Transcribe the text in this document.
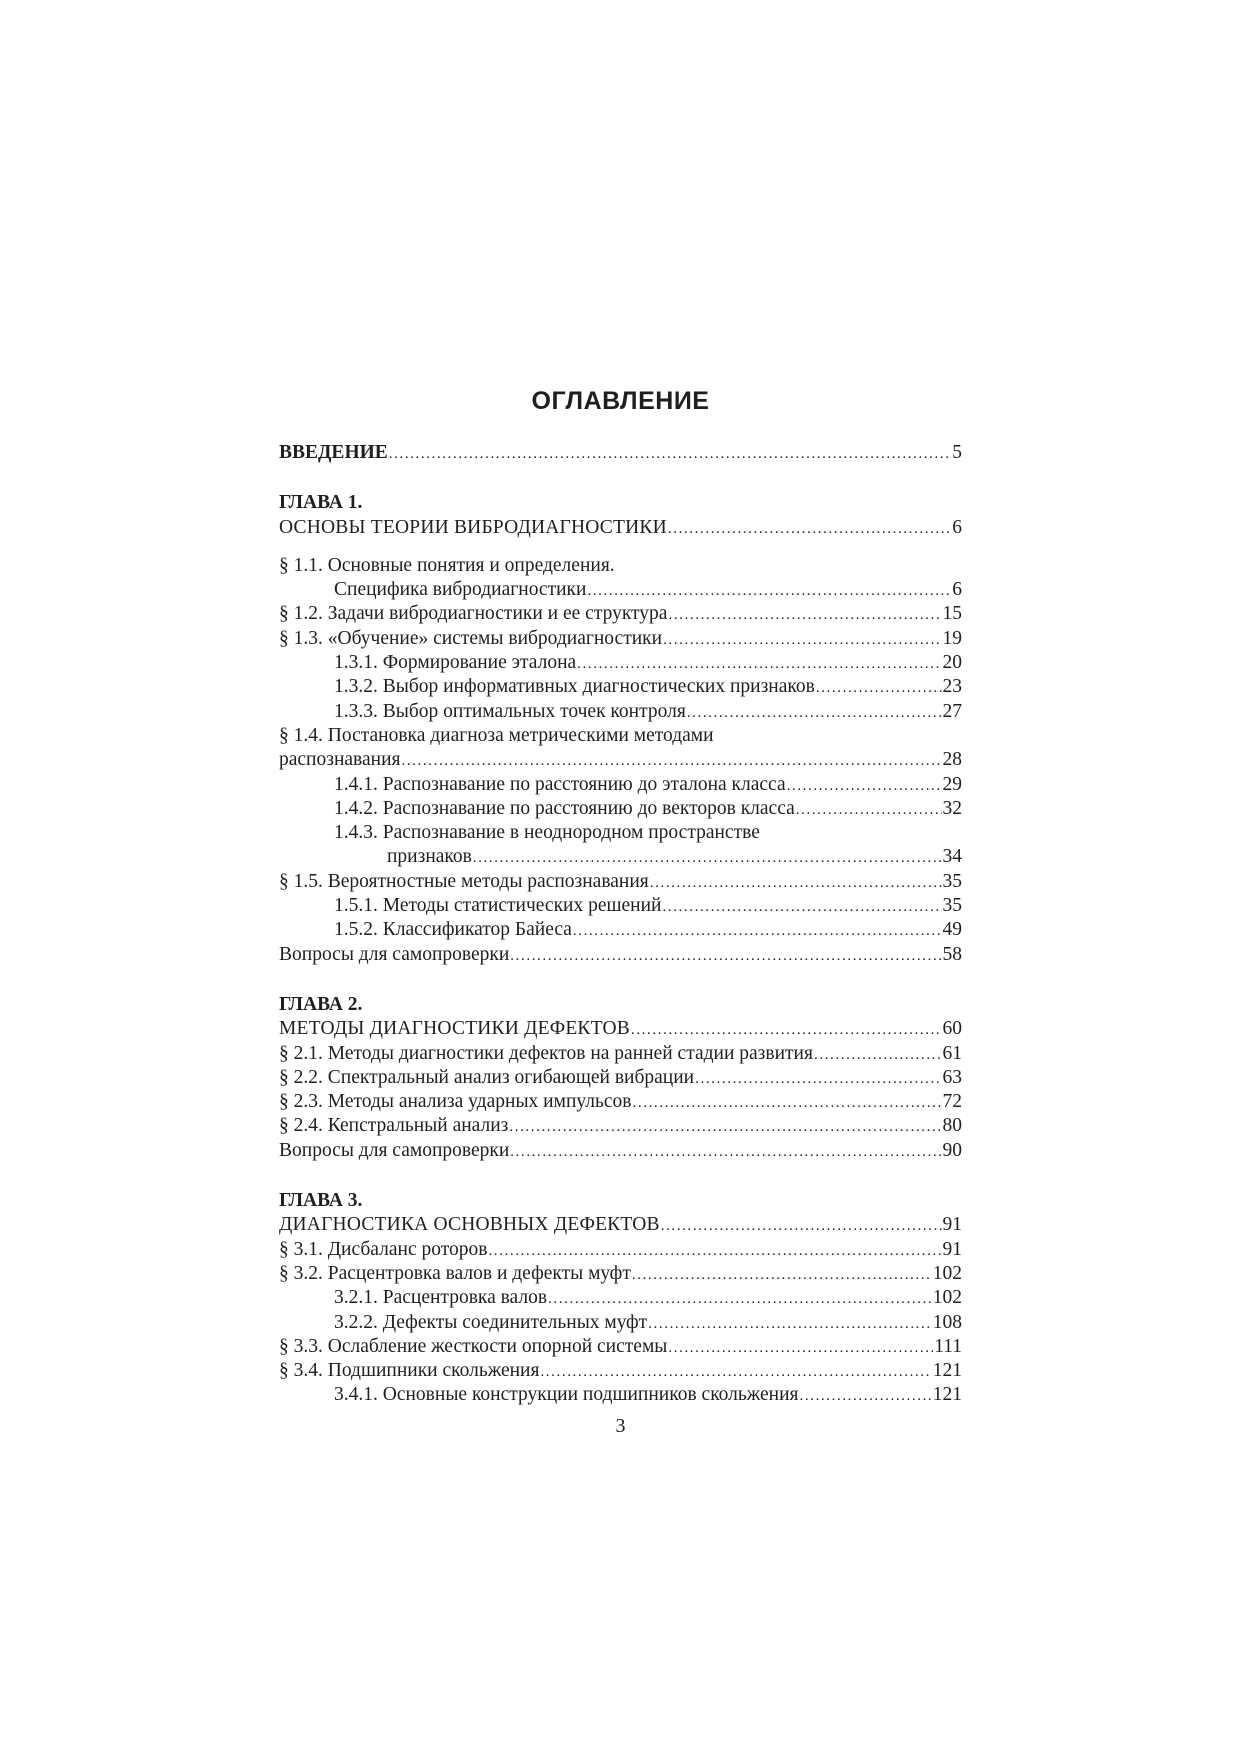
ОГЛАВЛЕНИЕ
ВВЕДЕНИЕ .....	5
ГЛАВА 1.
ОСНОВЫ ТЕОРИИ ВИБРОДИАГНОСТИКИ .....	6
§ 1.1. Основные понятия и определения.
Специфика вибродиагностики .....	6
§ 1.2. Задачи вибродиагностики и ее структура .....	15
§ 1.3. «Обучение» системы вибродиагностики .....	19
1.3.1. Формирование эталона .....	20
1.3.2. Выбор информативных диагностических признаков .....	23
1.3.3. Выбор оптимальных точек контроля .....	27
§ 1.4. Постановка диагноза метрическими методами
распознавания .....	28
1.4.1. Распознавание по расстоянию до эталона класса .....	29
1.4.2. Распознавание по расстоянию до векторов класса .....	32
1.4.3. Распознавание в неоднородном пространстве
признаков .....	34
§ 1.5. Вероятностные методы распознавания .....	35
1.5.1. Методы статистических решений .....	35
1.5.2. Классификатор Байеса .....	49
Вопросы для самопроверки .....	58
ГЛАВА 2.
МЕТОДЫ ДИАГНОСТИКИ ДЕФЕКТОВ .....	60
§ 2.1. Методы диагностики дефектов на ранней стадии развития .....	61
§ 2.2. Спектральный анализ огибающей вибрации .....	63
§ 2.3. Методы анализа ударных импульсов .....	72
§ 2.4. Кепстральный анализ .....	80
Вопросы для самопроверки .....	90
ГЛАВА 3.
ДИАГНОСТИКА ОСНОВНЫХ ДЕФЕКТОВ .....	91
§ 3.1. Дисбаланс роторов .....	91
§ 3.2. Расцентровка валов и дефекты муфт .....	102
3.2.1. Расцентровка валов .....	102
3.2.2. Дефекты соединительных муфт .....	108
§ 3.3. Ослабление жесткости опорной системы .....	111
§ 3.4. Подшипники скольжения .....	121
3.4.1. Основные конструкции подшипников скольжения .....	121
3
